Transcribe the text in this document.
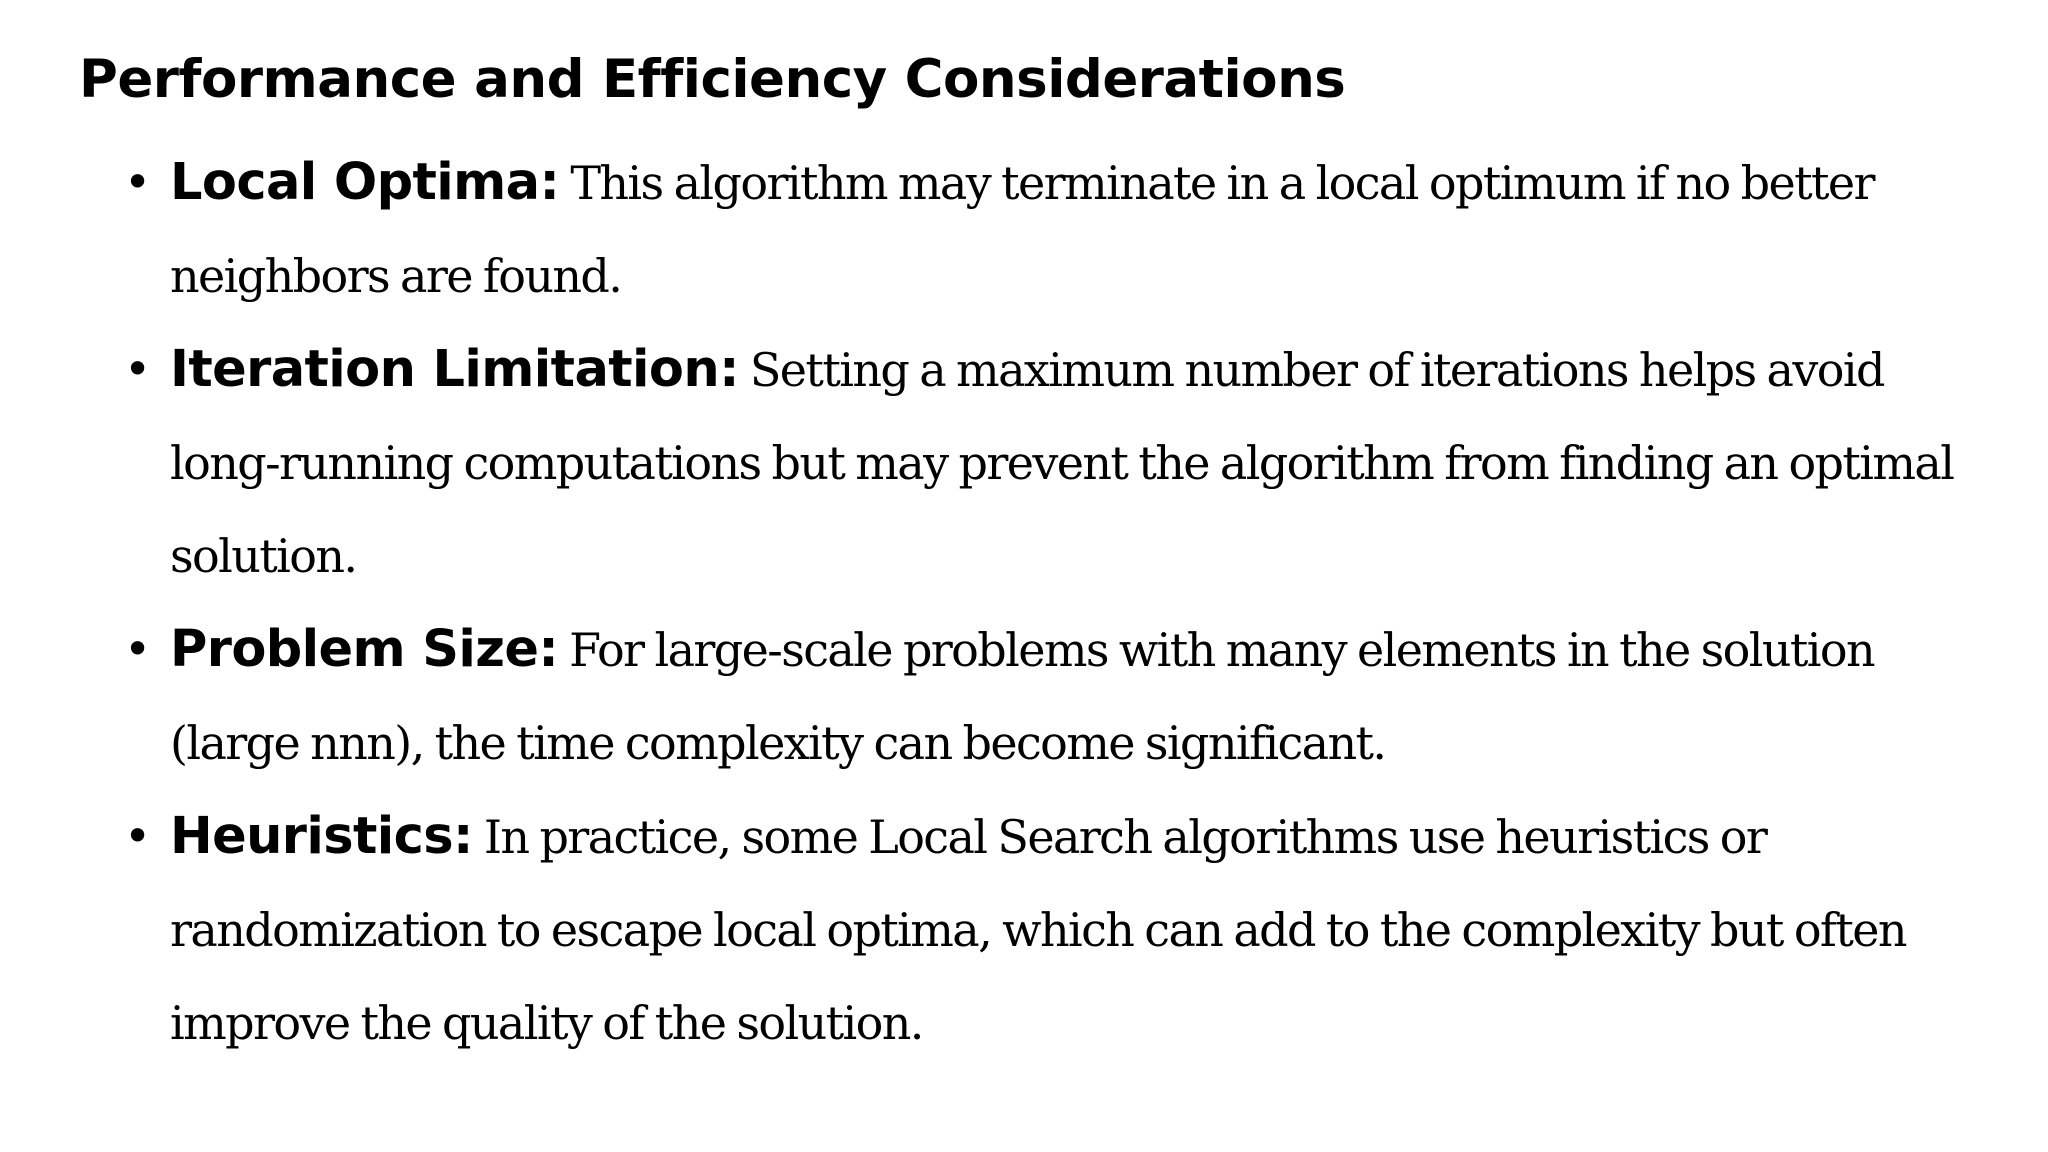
Performance and Efficiency Considerations
• Local Optima: This algorithm may terminate in a local optimum if no better neighbors are found.
• Iteration Limitation: Setting a maximum number of iterations helps avoid long-running computations but may prevent the algorithm from finding an optimal solution.
• Problem Size: For large-scale problems with many elements in the solution (large nnn), the time complexity can become significant.
• Heuristics: In practice, some Local Search algorithms use heuristics or randomization to escape local optima, which can add to the complexity but often improve the quality of the solution.
